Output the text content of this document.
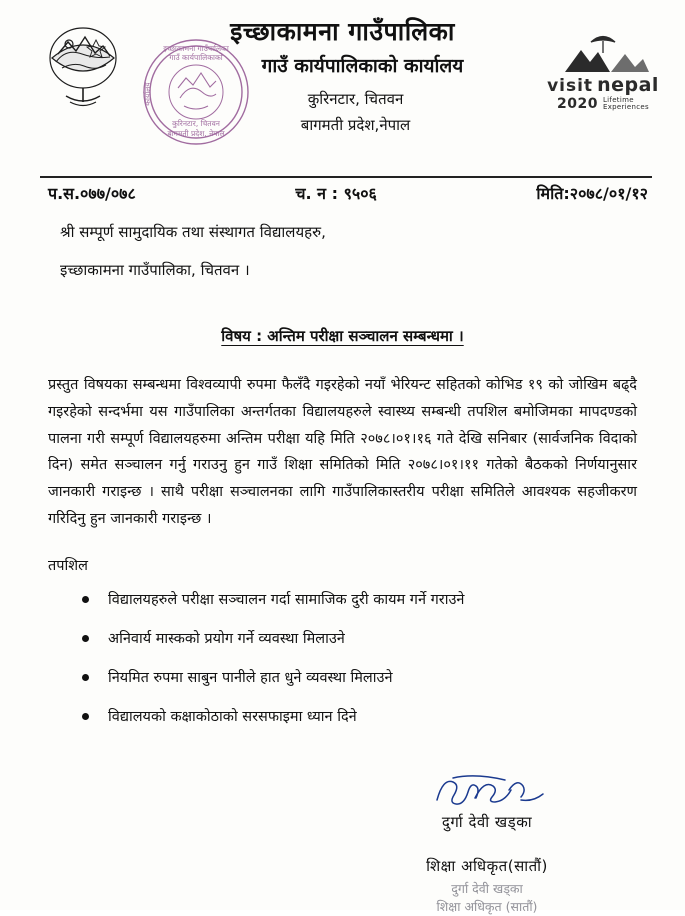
इच्छाकामना गाउँपालिका
गाउँ कार्यपालिकाको
कुरिनटार, चितवन
बागमती प्रदेश, नेपाल
कार्यालय
इच्छाकामना गाउँपालिका
गाउँ कार्यपालिकाको कार्यालय
कुरिनटार, चितवन
बागमती प्रदेश,नेपाल
visit nepal
2020 Lifetime
Experiences
प.स.०७७/०७८	च. न : ९५०६	मिति:२०७८/०१/१२
श्री सम्पूर्ण सामुदायिक तथा संस्थागत विद्यालयहरु,
इच्छाकामना गाउँपालिका, चितवन ।
विषय : अन्तिम परीक्षा सञ्चालन सम्बन्धमा ।
प्रस्तुत विषयका सम्बन्धमा विश्वव्यापी रुपमा फैलँदै गइरहेको नयाँ भेरियन्ट सहितको कोभिड १९ को जोखिम बढ्दै गइरहेको सन्दर्भमा यस गाउँपालिका अन्तर्गतका विद्यालयहरुले स्वास्थ्य सम्बन्धी तपशिल बमोजिमका मापदण्डको पालना गरी सम्पूर्ण विद्यालयहरुमा अन्तिम परीक्षा यहि मिति २०७८।०१।१६ गते देखि सनिबार (सार्वजनिक विदाको दिन) समेत सञ्चालन गर्नु गराउनु हुन गाउँ शिक्षा समितिको मिति २०७८।०१।११ गतेको बैठकको निर्णयानुसार जानकारी गराइन्छ । साथै परीक्षा सञ्चालनका लागि गाउँपालिकास्तरीय परीक्षा समितिले आवश्यक सहजीकरण गरिदिनु हुन जानकारी गराइन्छ ।
तपशिल
विद्यालयहरुले परीक्षा सञ्चालन गर्दा सामाजिक दुरी कायम गर्ने गराउने
अनिवार्य मास्कको प्रयोग गर्ने व्यवस्था मिलाउने
नियमित रुपमा साबुन पानीले हात धुने व्यवस्था मिलाउने
विद्यालयको कक्षाकोठाको सरसफाइमा ध्यान दिने
दुर्गा देवी खड्का
शिक्षा अधिकृत(सातौं)
दुर्गा देवी खड्का
शिक्षा अधिकृत (सातौं)
